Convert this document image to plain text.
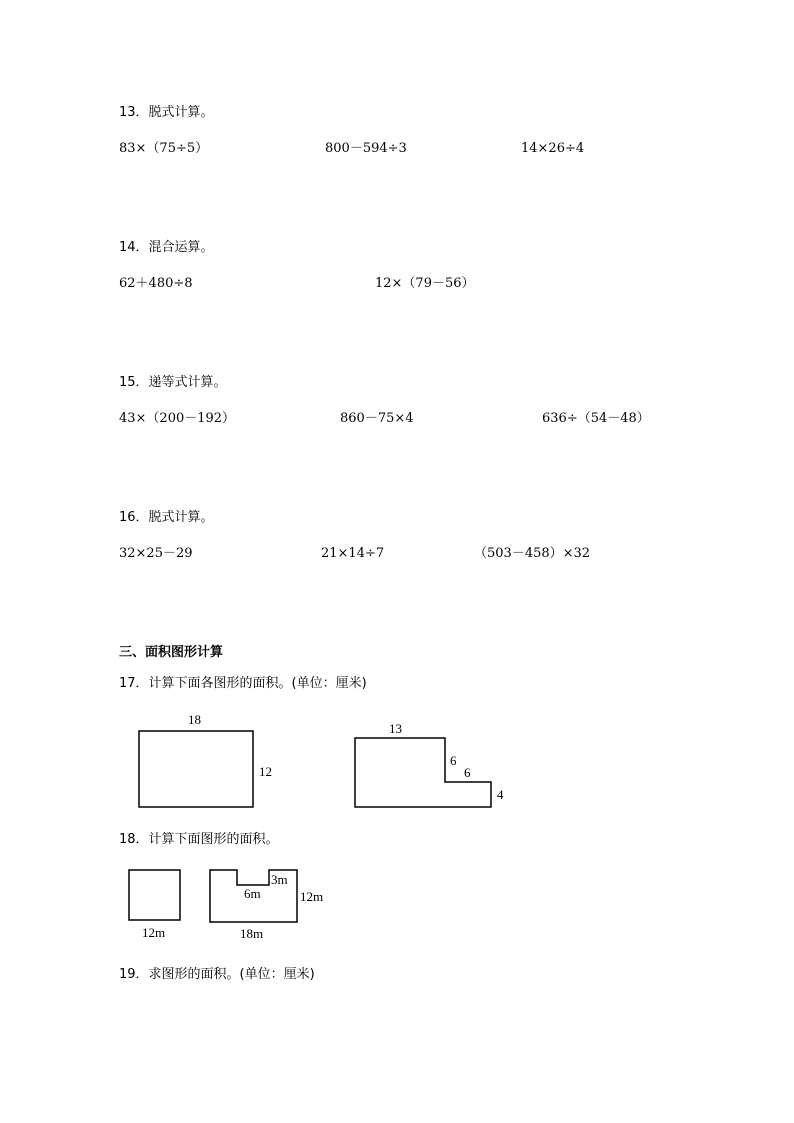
13．脱式计算。
83×（75÷5）	800－594÷3	14×26÷4
14．混合运算。
62＋480÷8	12×（79－56）
15．递等式计算。
43×（200－192）	860－75×4	636÷（54－48）
16．脱式计算。
32×25－29	21×14÷7	（503－458）×32
三、面积图形计算
17．计算下面各图形的面积。(单位：厘米)
18．计算下面图形的面积。
19．求图形的面积。(单位：厘米)
18
12
13
6
6
4
12m
3m
6m	12m
18m
